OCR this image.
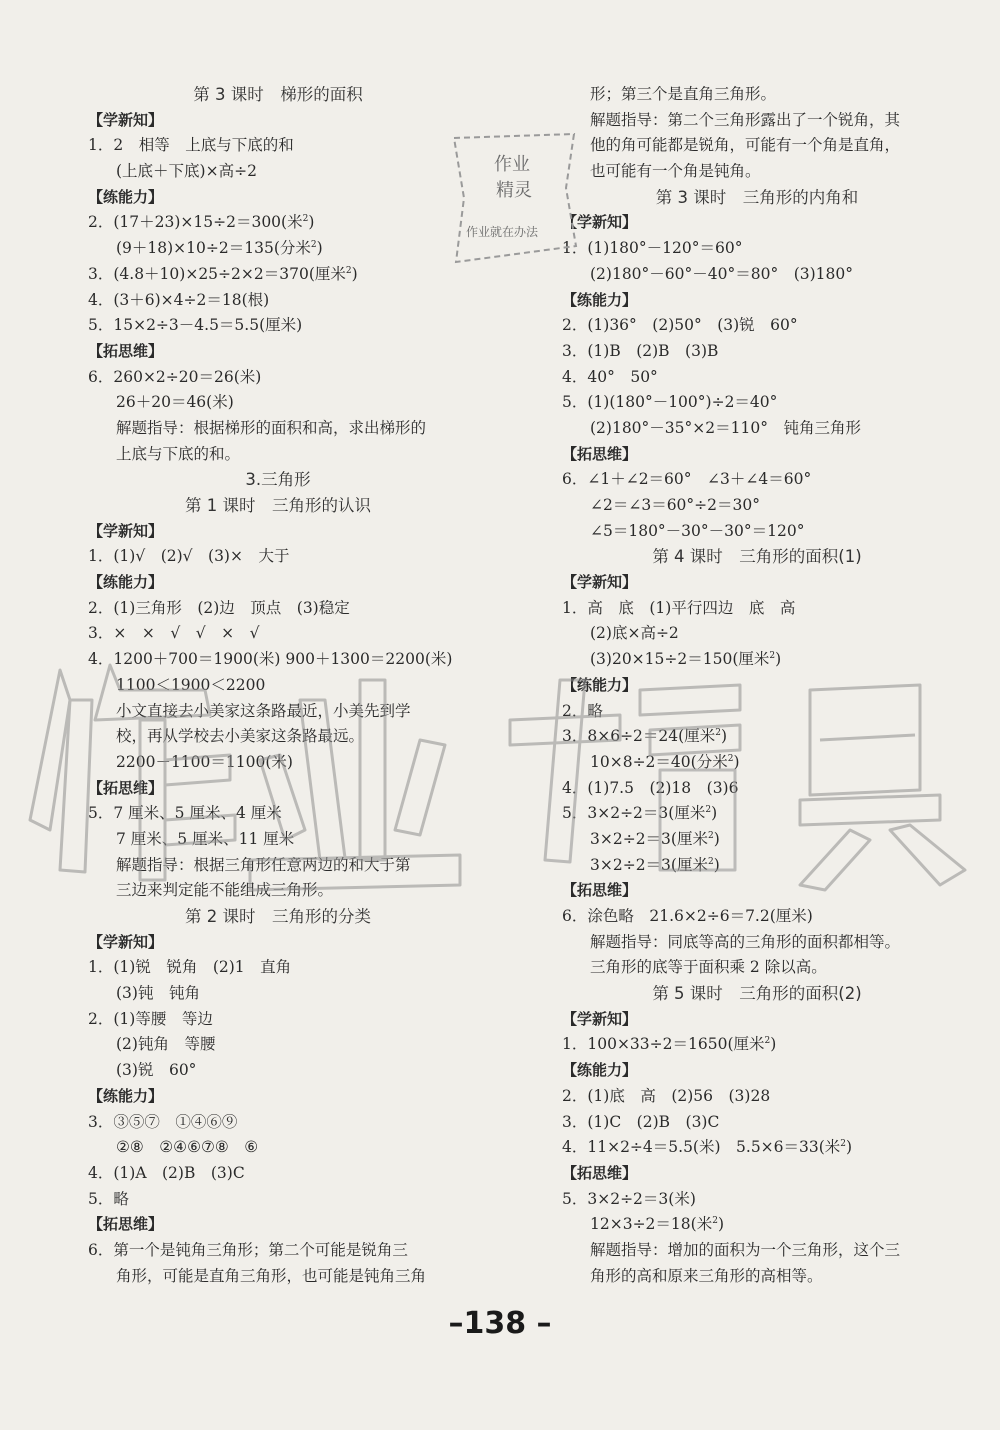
第 3 课时　梯形的面积
【学新知】
1．2　相等　上底与下底的和
(上底＋下底)×高÷2
【练能力】
2．(17＋23)×15÷2＝300(米$^2$)
(9＋18)×10÷2＝135(分米$^2$)
3．(4.8＋10)×25÷2×2＝370(厘米$^2$)
4．(3＋6)×4÷2＝18(根)
5．15×2÷3－4.5＝5.5(厘米)
【拓思维】
6．260×2÷20＝26(米)
26＋20＝46(米)
解题指导：根据梯形的面积和高，求出梯形的
上底与下底的和。
3.三角形
第 1 课时　三角形的认识
【学新知】
1．(1)√　(2)√　(3)×　大于
【练能力】
2．(1)三角形　(2)边　顶点　(3)稳定
3．×　×　√　√　×　√
4．1200＋700＝1900(米) 900＋1300＝2200(米)
1100＜1900＜2200
小文直接去小美家这条路最近，小美先到学
校，再从学校去小美家这条路最远。
2200－1100＝1100(米)
【拓思维】
5．7 厘米、5 厘米、4 厘米
7 厘米、5 厘米、11 厘米
解题指导：根据三角形任意两边的和大于第
三边来判定能不能组成三角形。
第 2 课时　三角形的分类
【学新知】
1．(1)锐　锐角　(2)1　直角
(3)钝　钝角
2．(1)等腰　等边
(2)钝角　等腰
(3)锐　60°
【练能力】
3．③⑤⑦　①④⑥⑨
②⑧　②④⑥⑦⑧　⑥
4．(1)A　(2)B　(3)C
5．略
【拓思维】
6．第一个是钝角三角形；第二个可能是锐角三
角形，可能是直角三角形，也可能是钝角三角
形；第三个是直角三角形。
解题指导：第二个三角形露出了一个锐角，其
他的角可能都是锐角，可能有一个角是直角，
也可能有一个角是钝角。
第 3 课时　三角形的内角和
【学新知】
1．(1)180°－120°＝60°
(2)180°－60°－40°＝80°　(3)180°
【练能力】
2．(1)36°　(2)50°　(3)锐　60°
3．(1)B　(2)B　(3)B
4．40°　50°
5．(1)(180°－100°)÷2＝40°
(2)180°－35°×2＝110°　钝角三角形
【拓思维】
6．∠1＋∠2＝60°　∠3＋∠4＝60°
∠2＝∠3＝60°÷2＝30°
∠5＝180°－30°－30°＝120°
第 4 课时　三角形的面积(1)
【学新知】
1．高　底　(1)平行四边　底　高
(2)底×高÷2
(3)20×15÷2＝150(厘米$^2$)
【练能力】
2．略
3．8×6÷2＝24(厘米$^2$)
10×8÷2＝40(分米$^2$)
4．(1)7.5　(2)18　(3)6
5．3×2÷2＝3(厘米$^2$)
3×2÷2＝3(厘米$^2$)
3×2÷2＝3(厘米$^2$)
【拓思维】
6．涂色略　21.6×2÷6＝7.2(厘米)
解题指导：同底等高的三角形的面积都相等。
三角形的底等于面积乘 2 除以高。
第 5 课时　三角形的面积(2)
【学新知】
1．100×33÷2＝1650(厘米$^2$)
【练能力】
2．(1)底　高　(2)56　(3)28
3．(1)C　(2)B　(3)C
4．11×2÷4＝5.5(米)　5.5×6＝33(米$^2$)
【拓思维】
5．3×2÷2＝3(米)
12×3÷2＝18(米$^2$)
解题指导：增加的面积为一个三角形，这个三
角形的高和原来三角形的高相等。
作业
精灵
作业就在办法
–138 –
